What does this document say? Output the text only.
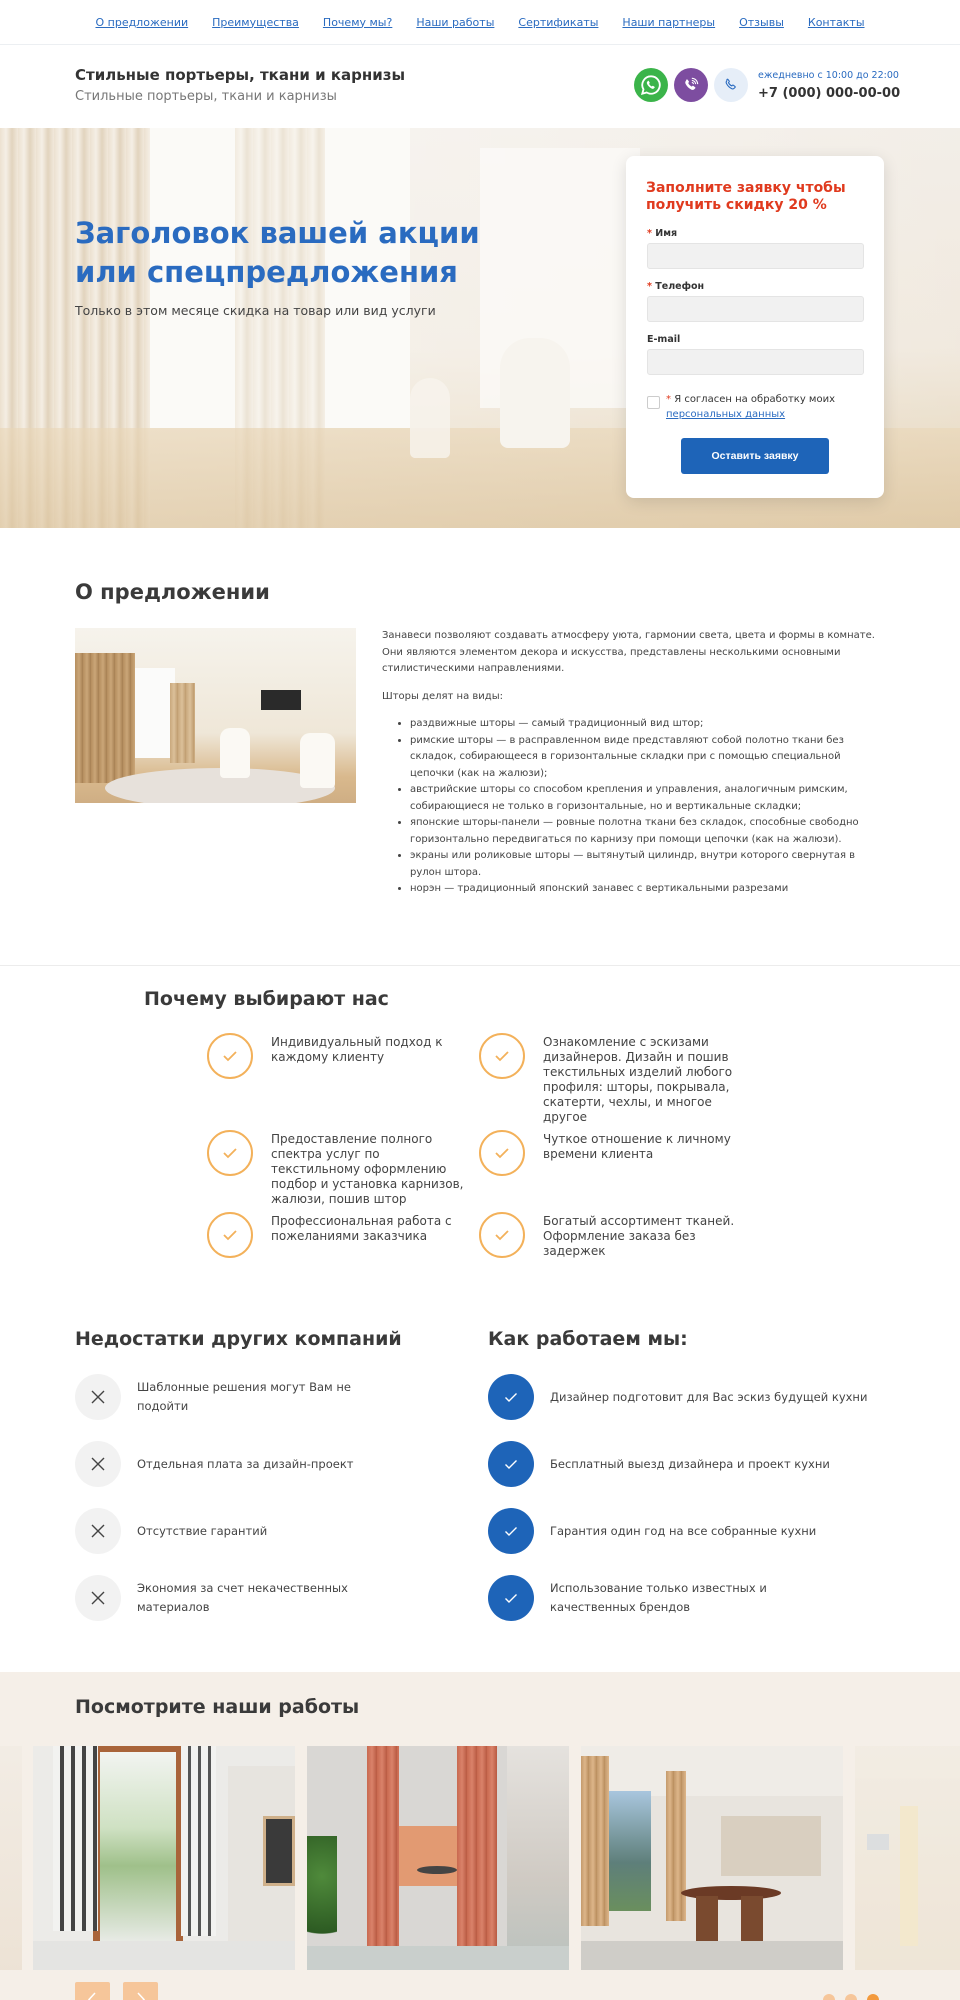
О предложении Преимущества Почему мы? Наши работы Сертификаты Наши партнеры Отзывы Контакты
Стильные портьеры, ткани и карнизы
Стильные портьеры, ткани и карнизы
ежедневно с 10:00 до 22:00
+7 (000) 000-00-00
Заголовок вашей акции или спецпредложения
Только в этом месяце скидка на товар или вид услуги
Заполните заявку чтобы получить скидку 20 %
* Имя
* Телефон
E-mail
* Я согласен на обработку моих
персональных данных
Оставить заявку
О предложении

Занавеси позволяют создавать атмосферу уюта, гармонии света, цвета и формы в комнате. Они являются элементом декора и искусства, представлены несколькими основными стилистическими направлениями.

Шторы делят на виды:

• раздвижные шторы — самый традиционный вид штор;
• римские шторы — в расправленном виде представляют собой полотно ткани без складок, собирающееся в горизонтальные складки при с помощью специальной цепочки (как на жалюзи);
• австрийские шторы со способом крепления и управления, аналогичным римским, собирающиеся не только в горизонтальные, но и вертикальные складки;
• японские шторы-панели — ровные полотна ткани без складок, способные свободно горизонтально передвигаться по карнизу при помощи цепочки (как на жалюзи).
• экраны или роликовые шторы — вытянутый цилиндр, внутри которого свернутая в рулон штора.
• норэн — традиционный японский занавес с вертикальными разрезами
Почему выбирают нас
Индивидуальный подход к каждому клиенту
Ознакомление с эскизами дизайнеров. Дизайн и пошив текстильных изделий любого профиля: шторы, покрывала, скатерти, чехлы, и многое другое
Предоставление полного спектра услуг по текстильному оформлению подбор и установка карнизов, жалюзи, пошив штор
Чуткое отношение к личному времени клиента
Профессиональная работа с пожеланиями заказчика
Богатый ассортимент тканей. Оформление заказа без задержек
Недостатки других компаний
Шаблонные решения могут Вам не подойти
Отдельная плата за дизайн-проект
Отсутствие гарантий
Экономия за счет некачественных материалов
Как работаем мы:
Дизайнер подготовит для Вас эскиз будущей кухни
Бесплатный выезд дизайнера и проект кухни
Гарантия один год на все собранные кухни
Использование только известных и качественных брендов
Посмотрите наши работы
